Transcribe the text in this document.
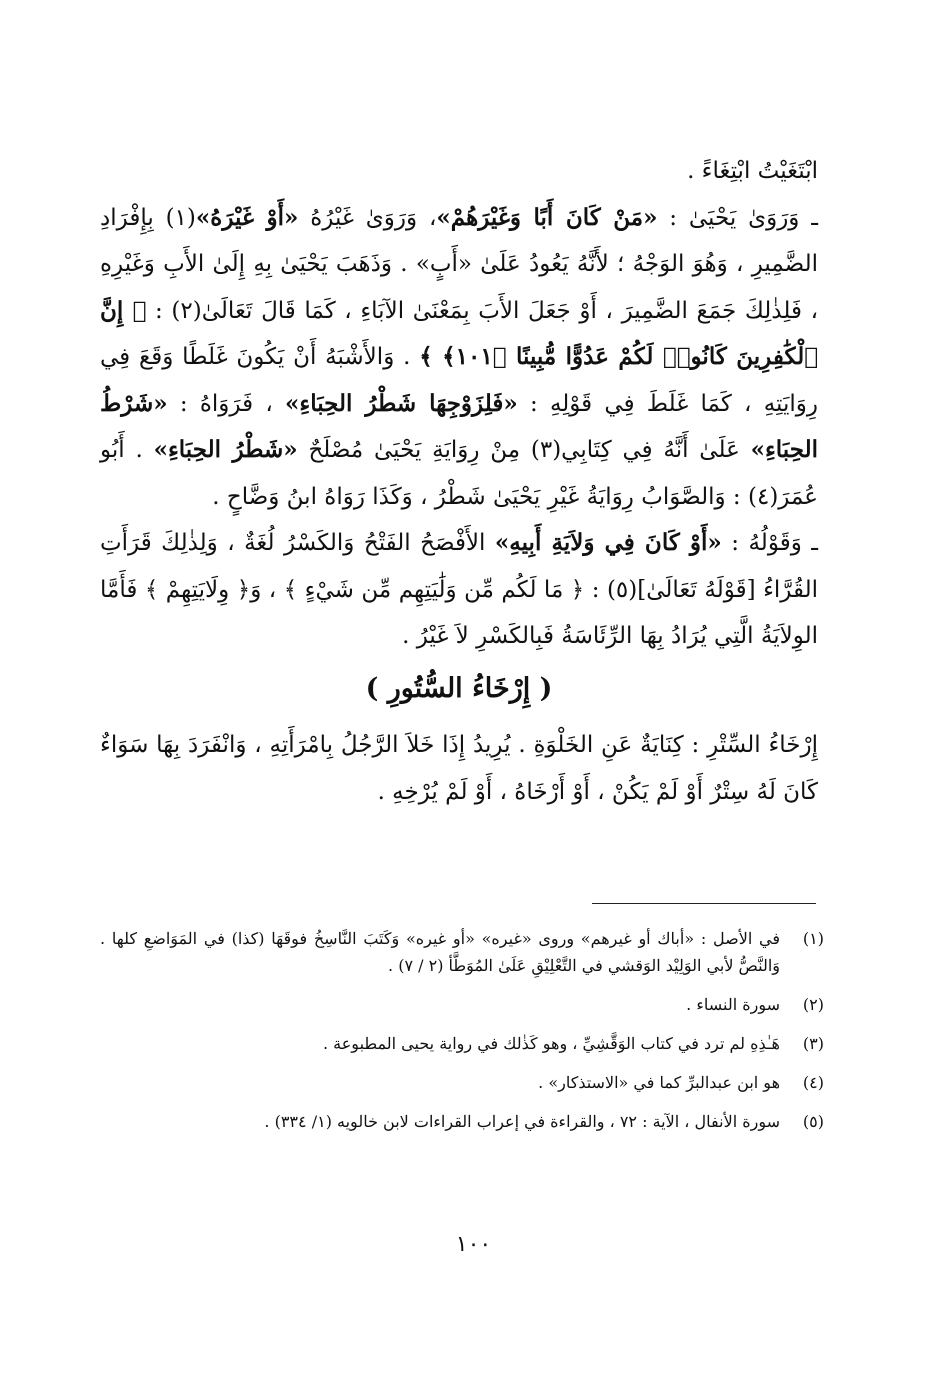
ابْتَغَيْتُ ابْتِغَاءً .

ـ وَرَوَىٰ يَحْيَىٰ : «مَنْ كَانَ أَبًا وَغَيْرَهُمْ»، وَرَوَىٰ غَيْرُهُ «أَوْ غَيْرَهُ»(١) بِإِفْرَادِ الضَّمِيرِ ، وَهُوَ الوَجْهُ ؛ لأَنَّهُ يَعُودُ عَلَىٰ «أَبٍ» . وَذَهَبَ يَحْيَىٰ بِهِ إِلَىٰ الأَبِ وَغَيْرِهِ ، فَلِذٰلِكَ جَمَعَ الضَّمِيرَ ، أَوْ جَعَلَ الأَبَ بِمَعْنَىٰ الآبَاءِ ، كَمَا قَالَ تَعَالَىٰ(٢) : ﴿ إِنَّ ٱلْكَٰفِرِينَ كَانُوا۟ لَكُمْ عَدُوًّا مُّبِينًا ﴿١٠١﴾ ﴾ . وَالأَشْبَهُ أَنْ يَكُونَ غَلَطًا وَقَعَ فِي رِوَايَتِهِ ، كَمَا غَلَطَ فِي قَوْلِهِ : «فَلِزَوْجِهَا شَطْرُ الحِبَاءِ» ، فَرَوَاهُ : «شَرْطُ الحِبَاءِ» عَلَىٰ أَنَّهُ فِي كِتَابِي(٣) مِنْ رِوَايَةِ يَحْيَىٰ مُصْلَحٌ «شَطْرُ الحِبَاءِ» . أَبُو عُمَرَ(٤) : وَالصَّوَابُ رِوَايَةُ غَيْرِ يَحْيَىٰ شَطْرُ ، وَكَذَا رَوَاهُ ابنُ وَضَّاحٍ .

ـ وَقَوْلُهُ : «أَوْ كَانَ فِي وَلاَيَةِ أَبِيهِ» الأَفْصَحُ الفَتْحُ وَالكَسْرُ لُغَةٌ ، وَلِذٰلِكَ قَرَأَتِ القُرَّاءُ [قَوْلَهُ تَعَالَىٰ](٥) : ﴿ مَا لَكُم مِّن وَلَٰيَتِهِم مِّن شَيْءٍ ﴾ ، وَ﴿ وِلَايَتِهِمْ ﴾ فَأَمَّا الوِلاَيَةُ الَّتِي يُرَادُ بِهَا الرِّئَاسَةُ فَبِالكَسْرِ لاَ غَيْرُ .

( إِرْخَاءُ السُّتُورِ )

إِرْخَاءُ السِّتْرِ : كِنَايَةٌ عَنِ الخَلْوَةِ . يُرِيدُ إِذَا خَلاَ الرَّجُلُ بِامْرَأَتِهِ ، وَانْفَرَدَ بِهَا سَوَاءٌ كَانَ لَهُ سِتْرٌ أَوْ لَمْ يَكُنْ ، أَوْ أَرْخَاهُ ، أَوْ لَمْ يُرْخِهِ .

(١)
في الأصل : «أباك أو غيرهم» وروى «غيره» «أو غيره» وَكَتَبَ النَّاسِخُ فوقَهَا (كذا) في المَوَاضعِ كلها . وَالنَّصُّ لأبي الوَلِيْد الوَقشي في التَّعْلِيْقِ عَلَىٰ المُوَطَّأ (٢ / ٧) .
(٢)
سورة النساء .
(٣)
هَـٰذِهِ لم ترد في كتاب الوَقَّشِيِّ ، وهو كَذٰلك في رواية يحيى المطبوعة .
(٤)
هو ابن عبدالبرِّ كما في «الاستذكار» .
(٥)
سورة الأنفال ، الآية : ٧٢ ، والقراءة في إعراب القراءات لابن خالويه (١/ ٣٣٤) .
١٠٠
